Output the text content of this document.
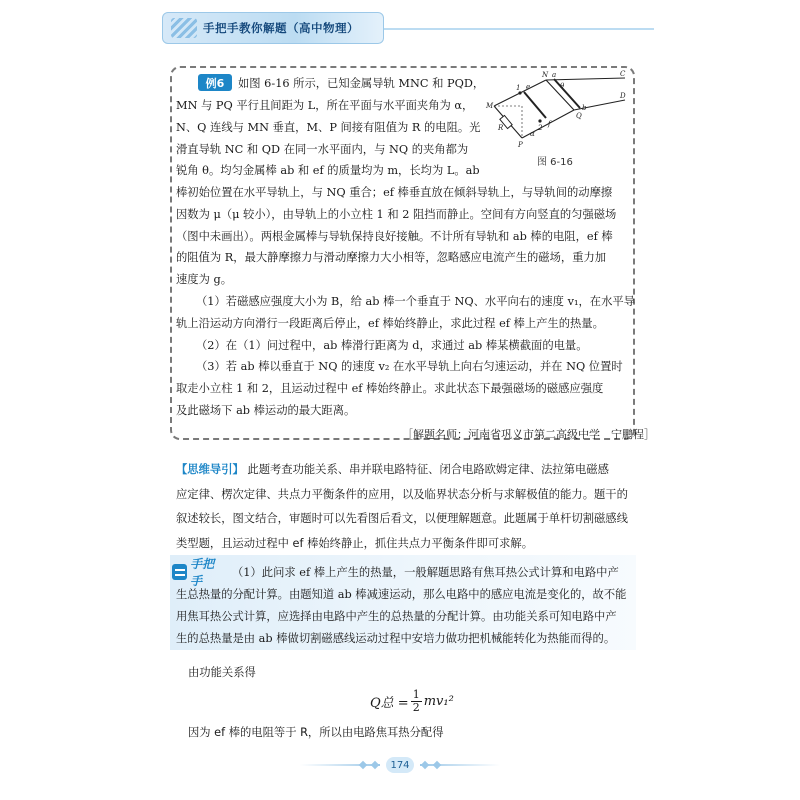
手把手教你解题（高中物理）
例6	如图 6-16 所示，已知金属导轨 MNC 和 PQD，
MN 与 PQ 平行且间距为 L，所在平面与水平面夹角为 α，
N、Q 连线与 MN 垂直，M、P 间接有阻值为 R 的电阻。光
滑直导轨 NC 和 QD 在同一水平面内，与 NQ 的夹角都为
锐角 θ。均匀金属棒 ab 和 ef 的质量均为 m，长均为 L。ab
棒初始位置在水平导轨上，与 NQ 重合；ef 棒垂直放在倾斜导轨上，与导轨间的动摩擦
因数为 μ（μ 较小），由导轨上的小立柱 1 和 2 阻挡而静止。空间有方向竖直的匀强磁场
（图中未画出）。两根金属棒与导轨保持良好接触。不计所有导轨和 ab 棒的电阻，ef 棒
的阻值为 R，最大静摩擦力与滑动摩擦力大小相等，忽略感应电流产生的磁场，重力加
速度为 g。
（1）若磁感应强度大小为 B，给 ab 棒一个垂直于 NQ、水平向右的速度 v₁，在水平导
轨上沿运动方向滑行一段距离后停止，ef 棒始终静止，求此过程 ef 棒上产生的热量。
（2）在（1）问过程中，ab 棒滑行距离为 d，求通过 ab 棒某横截面的电量。
（3）若 ab 棒以垂直于 NQ 的速度 v₂ 在水平导轨上向右匀速运动，并在 NQ 位置时
取走小立柱 1 和 2，且运动过程中 ef 棒始终静止。求此状态下最强磁场的磁感应强度
及此磁场下 ab 棒运动的最大距离。
［解题名师：河南省巩义市第二高级中学　宁鹏程］
M
N
P
Q
C
D
a
b
e
f
R
θ
α
1
2
图 6-16
【思维导引】 此题考查功能关系、串并联电路特征、闭合电路欧姆定律、法拉第电磁感
应定律、楞次定律、共点力平衡条件的应用，以及临界状态分析与求解极值的能力。题干的
叙述较长，图文结合，审题时可以先看图后看文，以便理解题意。此题属于单杆切割磁感线
类型题，且运动过程中 ef 棒始终静止，抓住共点力平衡条件即可求解。
手把手
（1）此问求 ef 棒上产生的热量，一般解题思路有焦耳热公式计算和电路中产
生总热量的分配计算。由题知道 ab 棒减速运动，那么电路中的感应电流是变化的，故不能
用焦耳热公式计算，应选择由电路中产生的总热量的分配计算。由功能关系可知电路中产
生的总热量是由 ab 棒做切割磁感线运动过程中安培力做功把机械能转化为热能而得的。
由功能关系得
Q总 = $\frac{1}{2} mv_1^2$
因为 ef 棒的电阻等于 R，所以由电路焦耳热分配得
174
